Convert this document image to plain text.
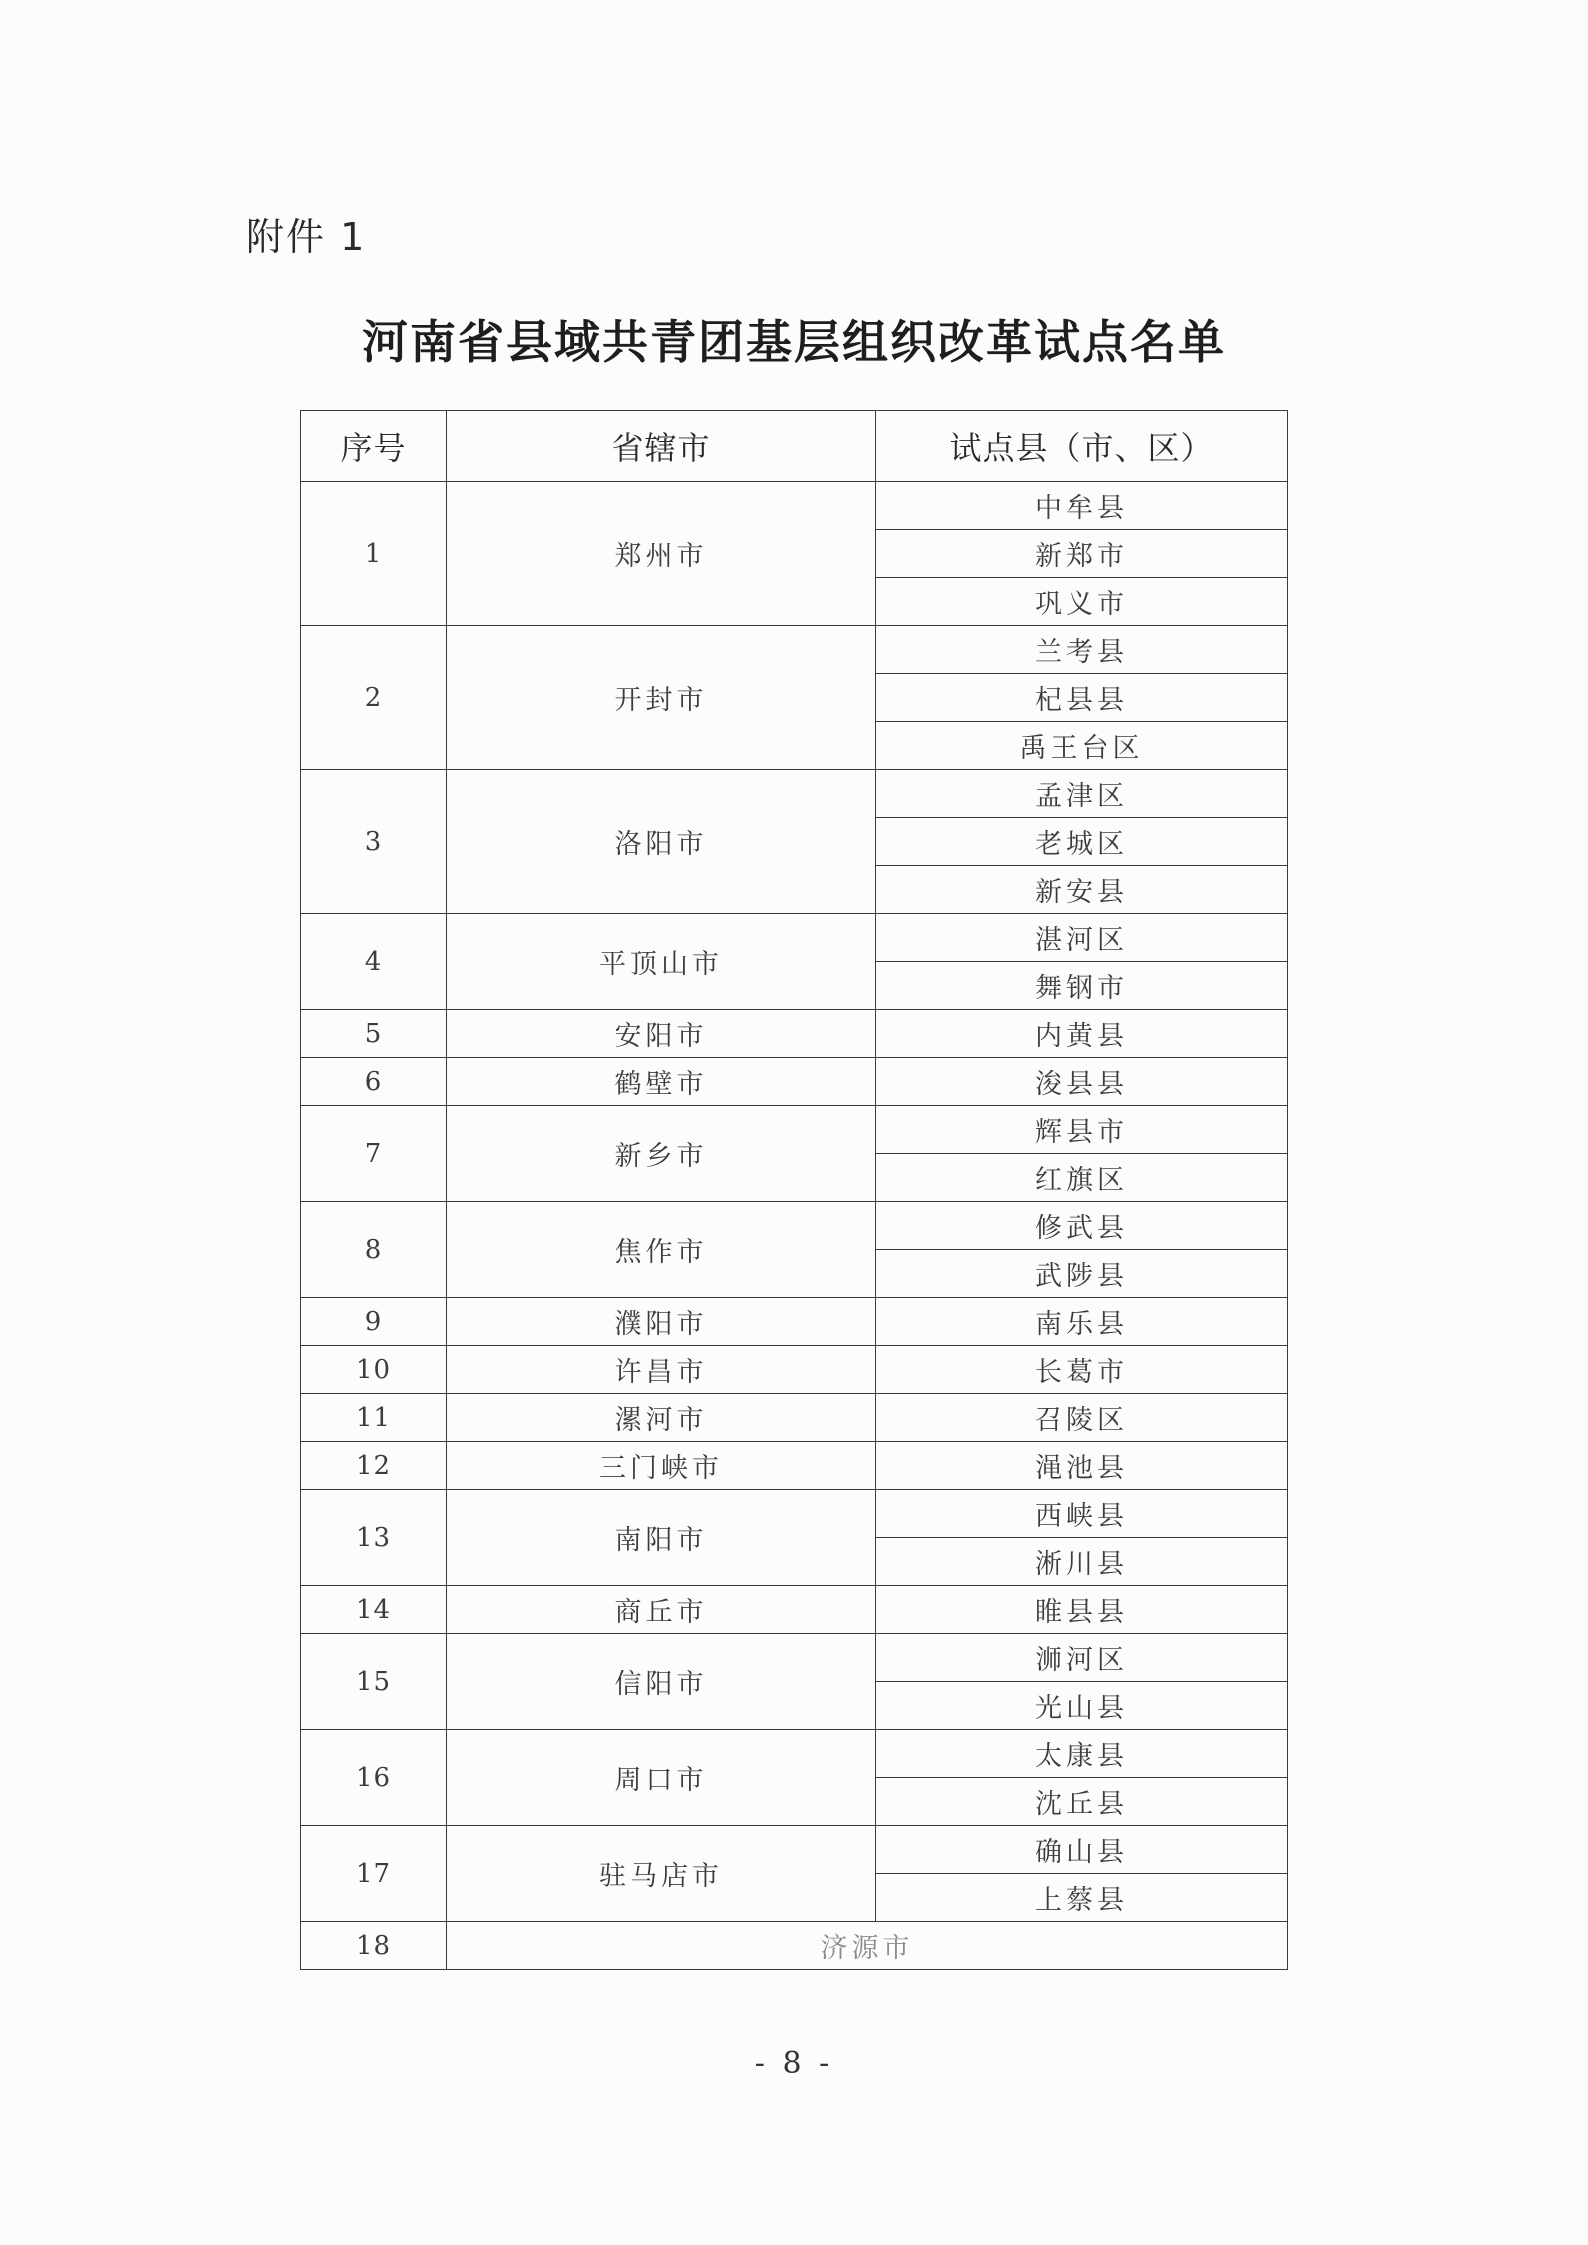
附件 1
河南省县域共青团基层组织改革试点名单
序号	省辖市	试点县（市、区）
1	郑州市	中牟县
		新郑市
		巩义市
2	开封市	兰考县
		杞县县
		禹王台区
3	洛阳市	孟津区
		老城区
		新安县
4	平顶山市	湛河区
		舞钢市
5	安阳市	内黄县
6	鹤壁市	浚县县
7	新乡市	辉县市
		红旗区
8	焦作市	修武县
		武陟县
9	濮阳市	南乐县
10	许昌市	长葛市
11	漯河市	召陵区
12	三门峡市	渑池县
13	南阳市	西峡县
		淅川县
14	商丘市	睢县县
15	信阳市	浉河区
		光山县
16	周口市	太康县
		沈丘县
17	驻马店市	确山县
		上蔡县
18	济源市	
- 8 -
